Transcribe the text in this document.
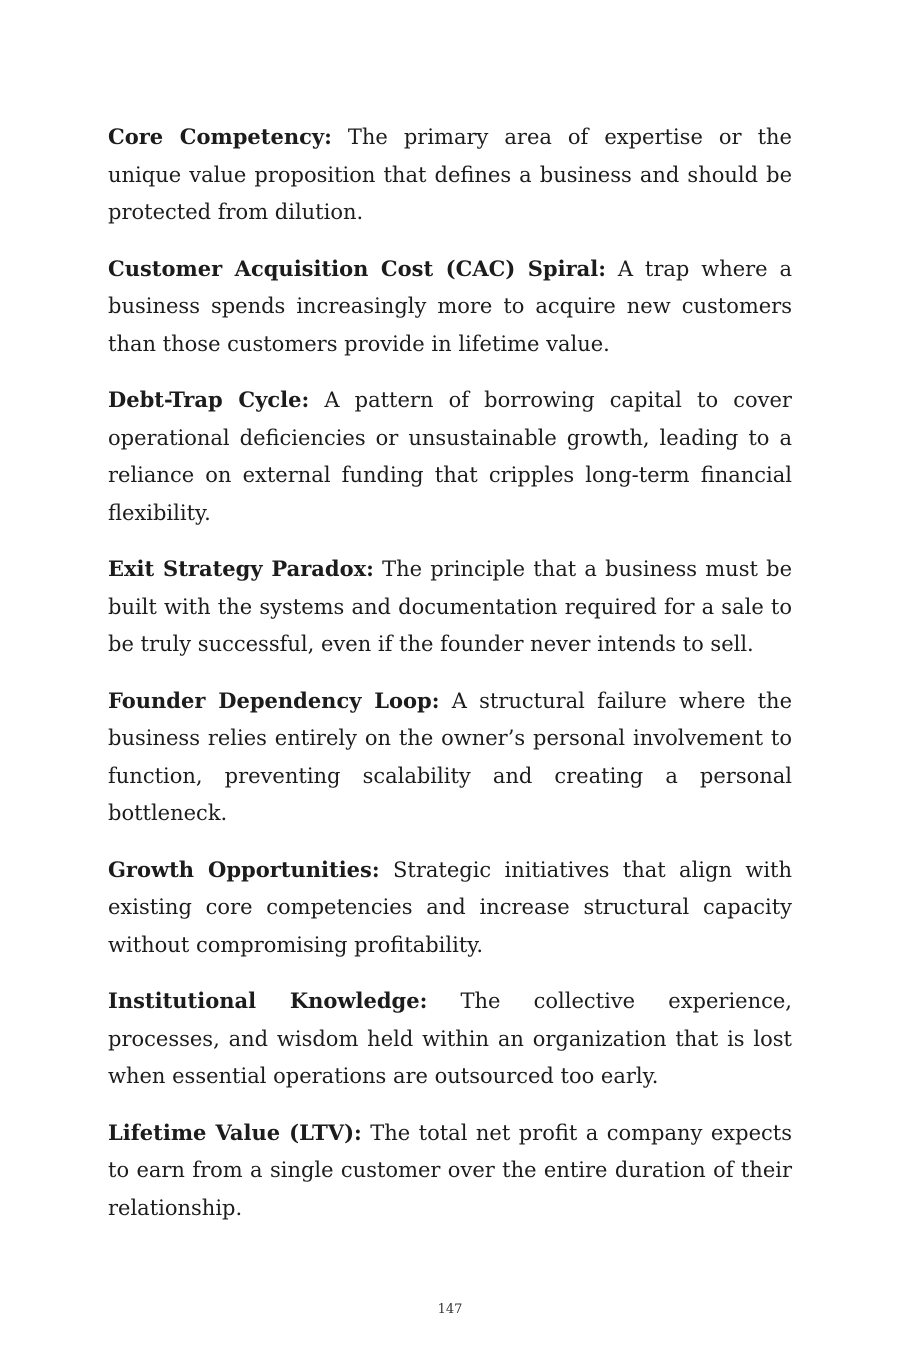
Core Competency: The primary area of expertise or the unique value proposition that defines a business and should be protected from dilution.

Customer Acquisition Cost (CAC) Spiral: A trap where a business spends increasingly more to acquire new customers than those customers provide in lifetime value.

Debt-Trap Cycle: A pattern of borrowing capital to cover operational deficiencies or unsustainable growth, leading to a reliance on external funding that cripples long-term financial flexibility.

Exit Strategy Paradox: The principle that a business must be built with the systems and documentation required for a sale to be truly successful, even if the founder never intends to sell.

Founder Dependency Loop: A structural failure where the business relies entirely on the owner’s personal involvement to function, preventing scalability and creating a personal bottleneck.

Growth Opportunities: Strategic initiatives that align with existing core competencies and increase structural capacity without compromising profitability.

Institutional Knowledge: The collective experience, processes, and wisdom held within an organization that is lost when essential operations are outsourced too early.

Lifetime Value (LTV): The total net profit a company expects to earn from a single customer over the entire duration of their relationship.

147
